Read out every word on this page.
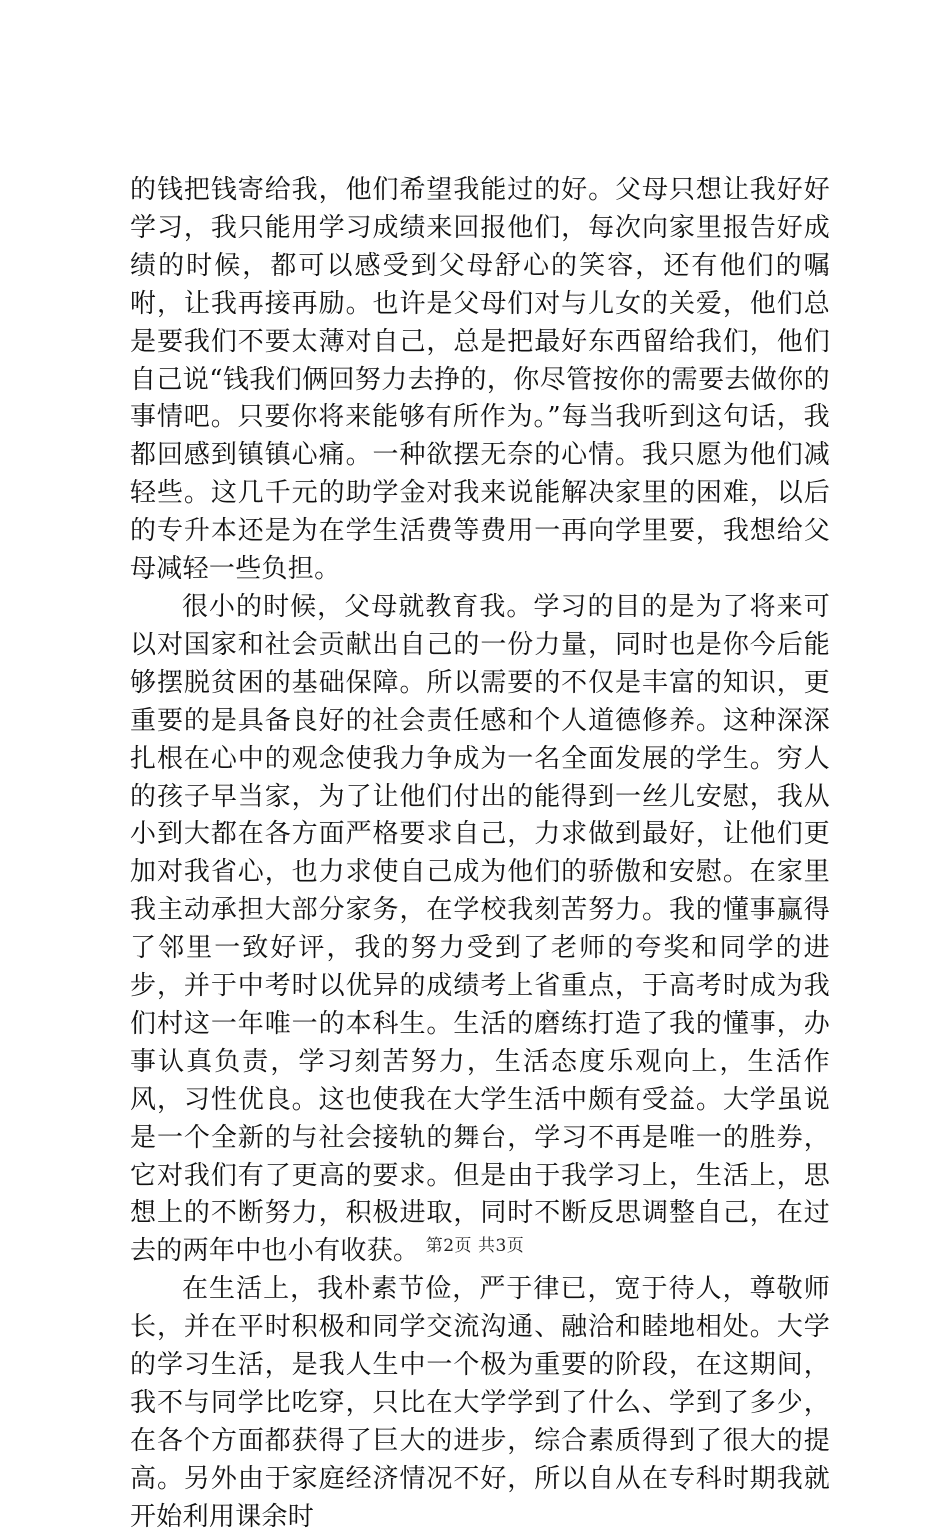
的钱把钱寄给我，他们希望我能过的好。父母只想让我好好学习，我只能用学习成绩来回报他们，每次向家里报告好成绩的时候，都可以感受到父母舒心的笑容，还有他们的嘱咐，让我再接再励。也许是父母们对与儿女的关爱，他们总是要我们不要太薄对自己，总是把最好东西留给我们，他们自己说“钱我们俩回努力去挣的，你尽管按你的需要去做你的事情吧。只要你将来能够有所作为。”每当我听到这句话，我都回感到镇镇心痛。一种欲摆无奈的心情。我只愿为他们减轻些。这几千元的助学金对我来说能解决家里的困难，以后的专升本还是为在学生活费等费用一再向学里要，我想给父母减轻一些负担。

很小的时候，父母就教育我。学习的目的是为了将来可以对国家和社会贡献出自己的一份力量，同时也是你今后能够摆脱贫困的基础保障。所以需要的不仅是丰富的知识，更重要的是具备良好的社会责任感和个人道德修养。这种深深扎根在心中的观念使我力争成为一名全面发展的学生。穷人的孩子早当家，为了让他们付出的能得到一丝儿安慰，我从小到大都在各方面严格要求自己，力求做到最好，让他们更加对我省心，也力求使自己成为他们的骄傲和安慰。在家里我主动承担大部分家务，在学校我刻苦努力。我的懂事赢得了邻里一致好评，我的努力受到了老师的夸奖和同学的进步，并于中考时以优异的成绩考上省重点，于高考时成为我们村这一年唯一的本科生。生活的磨练打造了我的懂事，办事认真负责，学习刻苦努力，生活态度乐观向上，生活作风，习性优良。这也使我在大学生活中颇有受益。大学虽说是一个全新的与社会接轨的舞台，学习不再是唯一的胜券，它对我们有了更高的要求。但是由于我学习上，生活上，思想上的不断努力，积极进取，同时不断反思调整自己，在过去的两年中也小有收获。

在生活上，我朴素节俭，严于律已，宽于待人，尊敬师长，并在平时积极和同学交流沟通、融洽和睦地相处。大学的学习生活，是我人生中一个极为重要的阶段，在这期间，我不与同学比吃穿，只比在大学学到了什么、学到了多少，在各个方面都获得了巨大的进步，综合素质得到了很大的提高。另外由于家庭经济情况不好，所以自从在专科时期我就开始利用课余时

第2页 共3页
